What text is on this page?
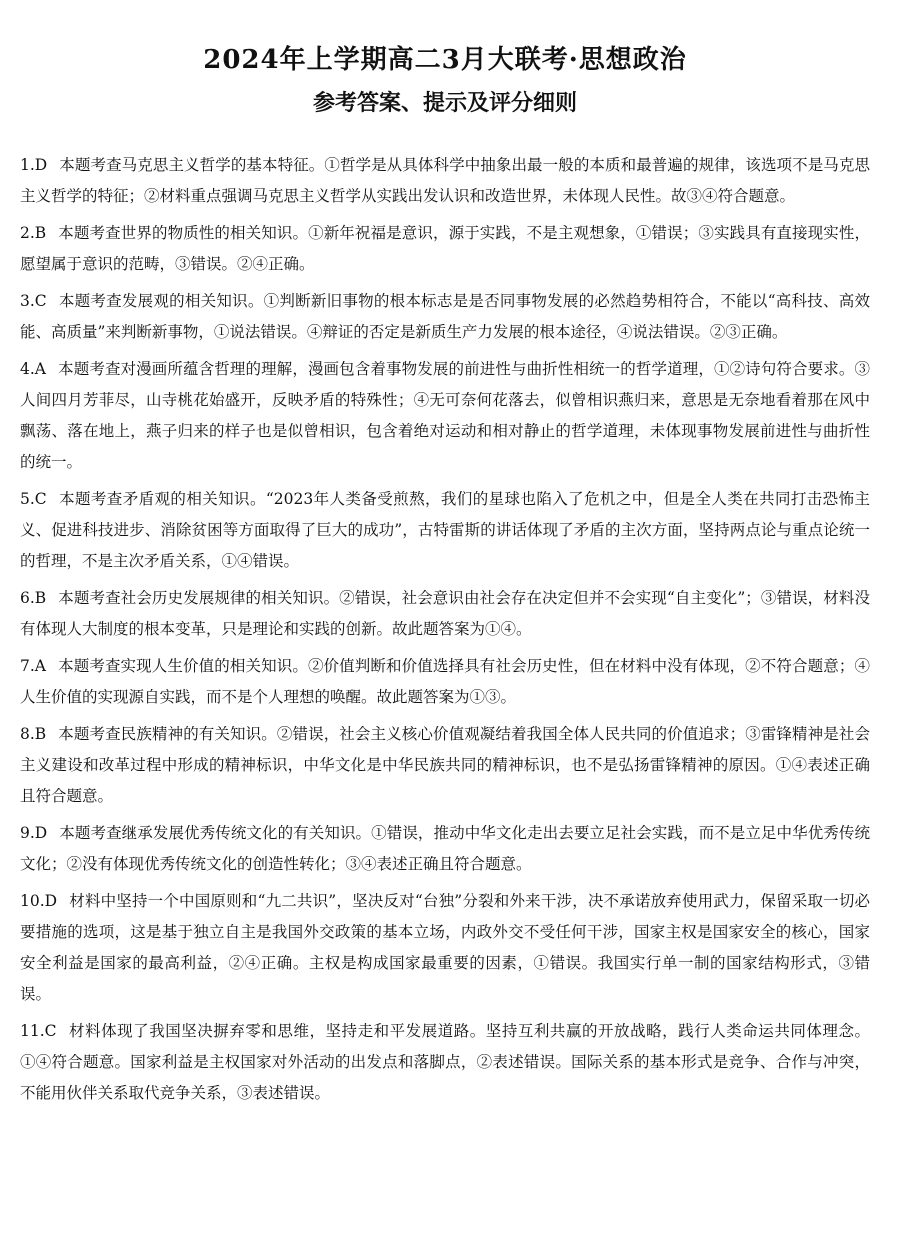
2024年上学期高二3月大联考·思想政治
参考答案、提示及评分细则

1.D 本题考查马克思主义哲学的基本特征。①哲学是从具体科学中抽象出最一般的本质和最普遍的规律，该选项不是马克思主义哲学的特征；②材料重点强调马克思主义哲学从实践出发认识和改造世界，未体现人民性。故③④符合题意。

2.B 本题考查世界的物质性的相关知识。①新年祝福是意识，源于实践，不是主观想象，①错误；③实践具有直接现实性，愿望属于意识的范畴，③错误。②④正确。

3.C 本题考查发展观的相关知识。①判断新旧事物的根本标志是是否同事物发展的必然趋势相符合，不能以“高科技、高效能、高质量”来判断新事物，①说法错误。④辩证的否定是新质生产力发展的根本途径，④说法错误。②③正确。

4.A 本题考查对漫画所蕴含哲理的理解，漫画包含着事物发展的前进性与曲折性相统一的哲学道理，①②诗句符合要求。③人间四月芳菲尽，山寺桃花始盛开，反映矛盾的特殊性；④无可奈何花落去，似曾相识燕归来，意思是无奈地看着那在风中飘荡、落在地上，燕子归来的样子也是似曾相识，包含着绝对运动和相对静止的哲学道理，未体现事物发展前进性与曲折性的统一。

5.C 本题考查矛盾观的相关知识。“2023年人类备受煎熬，我们的星球也陷入了危机之中，但是全人类在共同打击恐怖主义、促进科技进步、消除贫困等方面取得了巨大的成功”，古特雷斯的讲话体现了矛盾的主次方面，坚持两点论与重点论统一的哲理，不是主次矛盾关系，①④错误。

6.B 本题考查社会历史发展规律的相关知识。②错误，社会意识由社会存在决定但并不会实现“自主变化”；③错误，材料没有体现人大制度的根本变革，只是理论和实践的创新。故此题答案为①④。

7.A 本题考查实现人生价值的相关知识。②价值判断和价值选择具有社会历史性，但在材料中没有体现，②不符合题意；④人生价值的实现源自实践，而不是个人理想的唤醒。故此题答案为①③。

8.B 本题考查民族精神的有关知识。②错误，社会主义核心价值观凝结着我国全体人民共同的价值追求；③雷锋精神是社会主义建设和改革过程中形成的精神标识，中华文化是中华民族共同的精神标识，也不是弘扬雷锋精神的原因。①④表述正确且符合题意。

9.D 本题考查继承发展优秀传统文化的有关知识。①错误，推动中华文化走出去要立足社会实践，而不是立足中华优秀传统文化；②没有体现优秀传统文化的创造性转化；③④表述正确且符合题意。

10.D 材料中坚持一个中国原则和“九二共识”，坚决反对“台独”分裂和外来干涉，决不承诺放弃使用武力，保留采取一切必要措施的选项，这是基于独立自主是我国外交政策的基本立场，内政外交不受任何干涉，国家主权是国家安全的核心，国家安全利益是国家的最高利益，②④正确。主权是构成国家最重要的因素，①错误。我国实行单一制的国家结构形式，③错误。

11.C 材料体现了我国坚决摒弃零和思维，坚持走和平发展道路。坚持互利共赢的开放战略，践行人类命运共同体理念。①④符合题意。国家利益是主权国家对外活动的出发点和落脚点，②表述错误。国际关系的基本形式是竞争、合作与冲突，不能用伙伴关系取代竞争关系，③表述错误。
